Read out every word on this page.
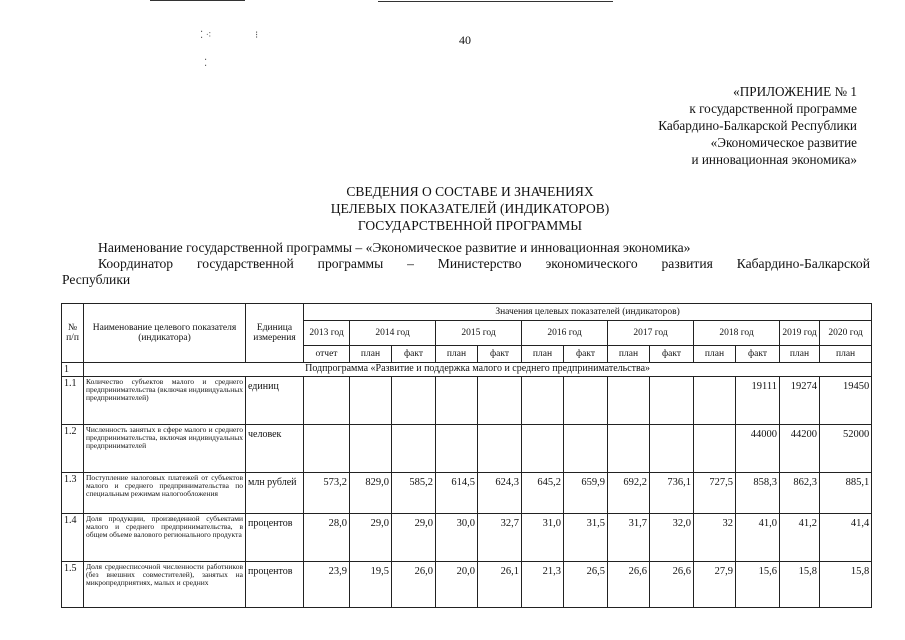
⁚ ⁖	⁝
⁚
40
«ПРИЛОЖЕНИЕ № 1
к государственной программе
Кабардино-Балкарской Республики
«Экономическое развитие
и инновационная экономика»
СВЕДЕНИЯ О СОСТАВЕ И ЗНАЧЕНИЯХ
ЦЕЛЕВЫХ ПОКАЗАТЕЛЕЙ (ИНДИКАТОРОВ)
ГОСУДАРСТВЕННОЙ ПРОГРАММЫ

Наименование государственной программы – «Экономическое развитие и инновационная экономика»

Координатор государственной программы – Министерство экономического развития Кабардино-Балкарской

Республики

№ п/п	Наименование целевого показателя (индикатора)	Единица измерения	Значения целевых показателей (индикаторов)												
			2013 год	2014 год		2015 год		2016 год		2017 год		2018 год		2019 год	2020 год
			отчет	план	факт	план	факт	план	факт	план	факт	план	факт	план	план
1	Подпрограмма «Развитие и поддержка малого и среднего предпринимательства»														
1.1	Количество субъектов малого и среднего предпринимательства (включая индивидуальных предпринимателей)	единиц											19111	19274	19450
1.2	Численность занятых в сфере малого и среднего предпринимательства, включая индивидуальных предпринимателей	человек											44000	44200	52000
1.3	Поступление налоговых платежей от субъектов малого и среднего предпринимательства по специальным режимам налогообложения	млн рублей	573,2	829,0	585,2	614,5	624,3	645,2	659,9	692,2	736,1	727,5	858,3	862,3	885,1
1.4	Доля продукции, произведенной субъектами малого и среднего предпринимательства, в общем объеме валового регионального продукта	процентов	28,0	29,0	29,0	30,0	32,7	31,0	31,5	31,7	32,0	32	41,0	41,2	41,4
1.5	Доля среднесписочной численности работников (без внешних совместителей), занятых на микропредприятиях, малых и средних	процентов	23,9	19,5	26,0	20,0	26,1	21,3	26,5	26,6	26,6	27,9	15,6	15,8	15,8
